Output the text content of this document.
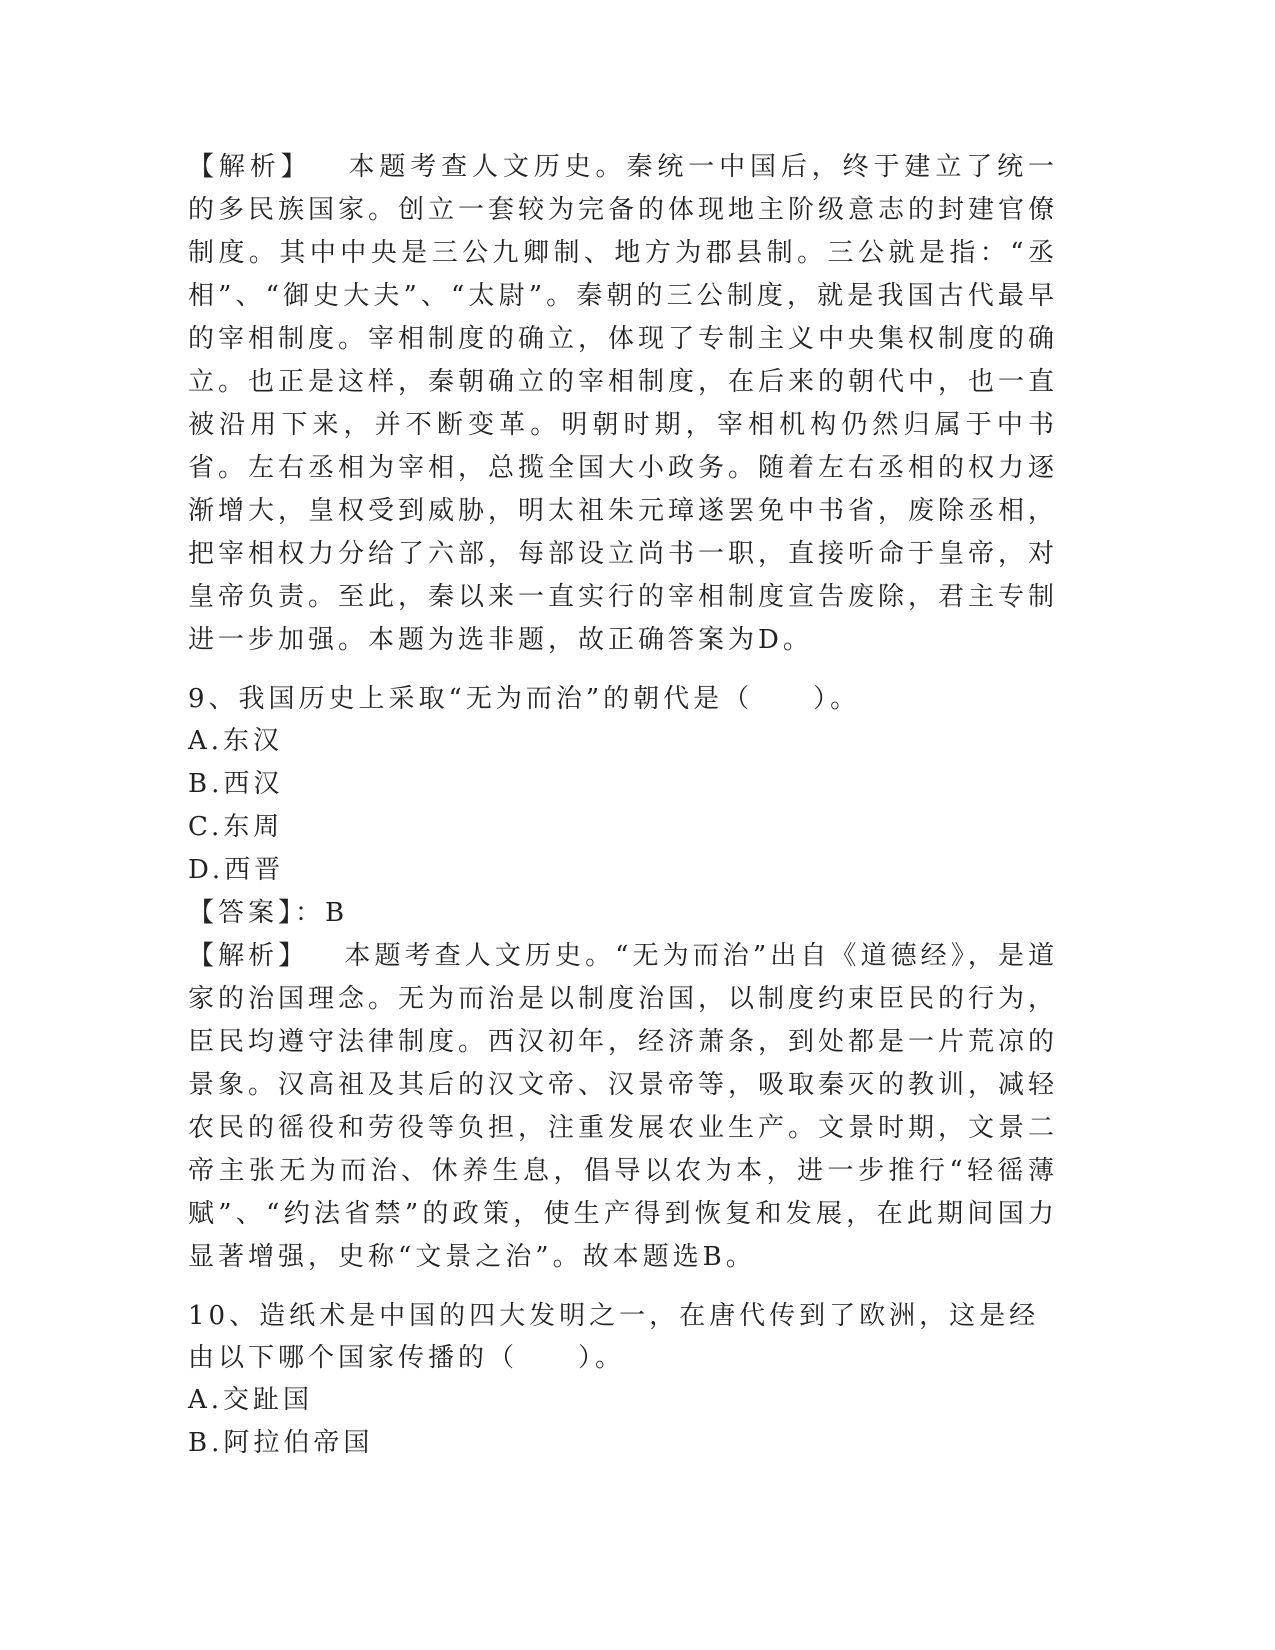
【解析】 本题考查人文历史。秦统一中国后，终于建立了统一的多民族国家。创立一套较为完备的体现地主阶级意志的封建官僚制度。其中中央是三公九卿制、地方为郡县制。三公就是指：“丞相”、“御史大夫”、“太尉”。秦朝的三公制度，就是我国古代最早的宰相制度。宰相制度的确立，体现了专制主义中央集权制度的确立。也正是这样，秦朝确立的宰相制度，在后来的朝代中，也一直被沿用下来，并不断变革。明朝时期，宰相机构仍然归属于中书省。左右丞相为宰相，总揽全国大小政务。随着左右丞相的权力逐渐增大，皇权受到威胁，明太祖朱元璋遂罢免中书省，废除丞相，把宰相权力分给了六部，每部设立尚书一职，直接听命于皇帝，对皇帝负责。至此，秦以来一直实行的宰相制度宣告废除，君主专制进一步加强。本题为选非题，故正确答案为D。

9、我国历史上采取“无为而治”的朝代是（　　）。

A.东汉

B.西汉

C.东周

D.西晋

【答案】：B

【解析】 本题考查人文历史。“无为而治”出自《道德经》，是道家的治国理念。无为而治是以制度治国，以制度约束臣民的行为，臣民均遵守法律制度。西汉初年，经济萧条，到处都是一片荒凉的景象。汉高祖及其后的汉文帝、汉景帝等，吸取秦灭的教训，减轻农民的徭役和劳役等负担，注重发展农业生产。文景时期，文景二帝主张无为而治、休养生息，倡导以农为本，进一步推行“轻徭薄赋”、“约法省禁”的政策，使生产得到恢复和发展，在此期间国力显著增强，史称“文景之治”。故本题选B。

10、造纸术是中国的四大发明之一，在唐代传到了欧洲，这是经由以下哪个国家传播的（　　）。

A.交趾国

B.阿拉伯帝国
